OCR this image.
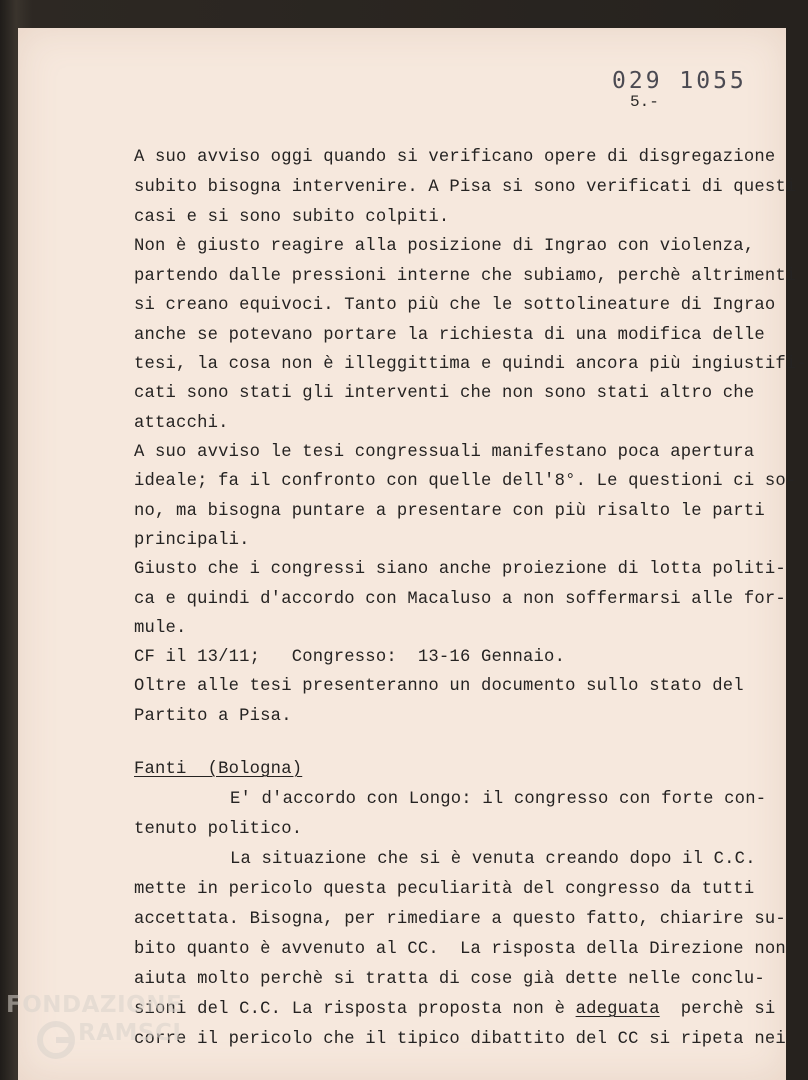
029 1055
5.-
A suo avviso oggi quando si verificano opere di disgregazione
subito bisogna intervenire. A Pisa si sono verificati di questi
casi e si sono subito colpiti.
Non è giusto reagire alla posizione di Ingrao con violenza,
partendo dalle pressioni interne che subiamo, perchè altrimenti
si creano equivoci. Tanto più che le sottolineature di Ingrao
anche se potevano portare la richiesta di una modifica delle
tesi, la cosa non è illeggittima e quindi ancora più ingiustifi-
cati sono stati gli interventi che non sono stati altro che
attacchi.
A suo avviso le tesi congressuali manifestano poca apertura
ideale; fa il confronto con quelle dell'8°. Le questioni ci so-
no, ma bisogna puntare a presentare con più risalto le parti
principali.
Giusto che i congressi siano anche proiezione di lotta politi-
ca e quindi d'accordo con Macaluso a non soffermarsi alle for-
mule.
CF il 13/11;   Congresso:  13-16 Gennaio.
Oltre alle tesi presenteranno un documento sullo stato del
Partito a Pisa.
Fanti  (Bologna)
E' d'accordo con Longo: il congresso con forte con-
tenuto politico.
La situazione che si è venuta creando dopo il C.C.
mette in pericolo questa peculiarità del congresso da tutti
accettata. Bisogna, per rimediare a questo fatto, chiarire su-
bito quanto è avvenuto al CC.  La risposta della Direzione non
aiuta molto perchè si tratta di cose già dette nelle conclu-
sioni del C.C. La risposta proposta non è adeguata  perchè si
corre il pericolo che il tipico dibattito del CC si ripeta nei
FONDAZIONE
RAMSCI
